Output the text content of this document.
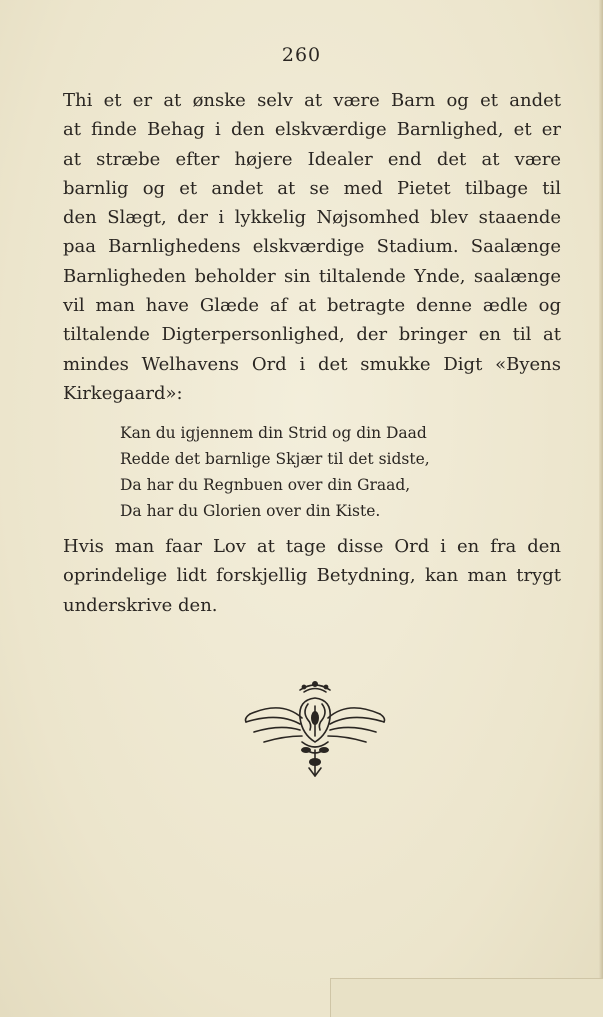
260
Thi et er at ønske selv at være Barn og et andet
at finde Behag i den elskværdige Barnlighed, et er
at stræbe efter højere Idealer end det at være
barnlig og et andet at se med Pietet tilbage til
den Slægt, der i lykkelig Nøjsomhed blev staaende
paa Barnlighedens elskværdige Stadium. Saalænge
Barnligheden beholder sin tiltalende Ynde, saalænge
vil man have Glæde af at betragte denne ædle og
tiltalende Digterpersonlighed, der bringer en til at
mindes Welhavens Ord i det smukke Digt «Byens
Kirkegaard»:
Kan du igjennem din Strid og din Daad
Redde det barnlige Skjær til det sidste,
Da har du Regnbuen over din Graad,
Da har du Glorien over din Kiste.
Hvis man faar Lov at tage disse Ord i en fra den
oprindelige lidt forskjellig Betydning, kan man trygt
underskrive den.
